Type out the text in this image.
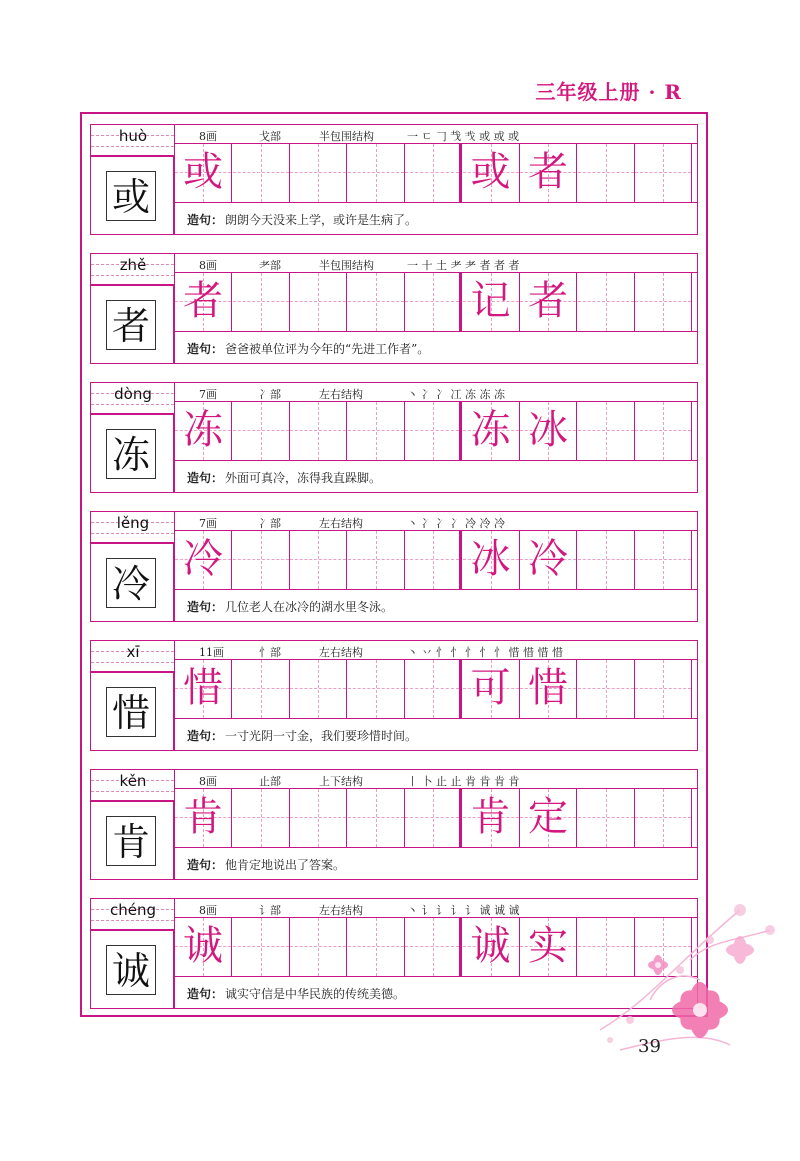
三年级上册 · R
huò	8画	戈部	半包围结构	一 ㄷ 𠃌 𢦏 𢦐 或 或 或
或
或	或 者
造句： 朗朗今天没来上学，或许是生病了。
zhě	8画	耂部	半包围结构	一 十 土 耂 耂 者 者 者
者
者	记 者
造句： 爸爸被单位评为今年的“先进工作者”。
dòng	7画	冫部	左右结构	丶 冫 冫 冮 冻 冻 冻
冻
冻	冻 冰
造句： 外面可真冷，冻得我直跺脚。
lěng	7画	冫部	左右结构	丶 冫 冫 冫 冷 冷 冷
冷
冷	冰 冷
造句： 几位老人在冰冷的湖水里冬泳。
xī	11画	忄部	左右结构	丶 丷 忄 忄 忄 忄 忄 惜 惜 惜 惜
惜
惜	可 惜
造句： 一寸光阴一寸金，我们要珍惜时间。
kěn	8画	止部	上下结构	丨 卜 止 止 肯 肯 肯 肯
肯
肯	肯 定
造句： 他肯定地说出了答案。
chéng	8画	讠部	左右结构	丶 讠 讠 讠 讠 诚 诚 诚
诚
诚	诚 实
造句： 诚实守信是中华民族的传统美德。
39
